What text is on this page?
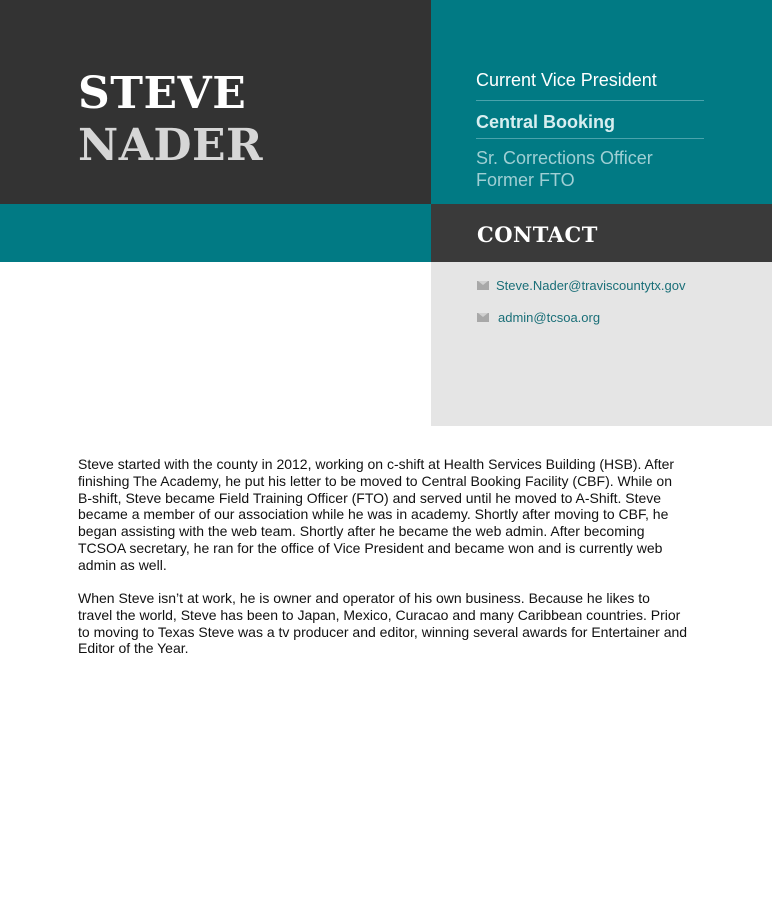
STEVE
NADER

Current Vice President

Central Booking

Sr. Corrections Officer

Former FTO

CONTACT
Steve.Nader@traviscountytx.gov
admin@tcsoa.org

Steve started with the county in 2012, working on c-shift at Health Services Building (HSB). After finishing The Academy, he put his letter to be moved to Central Booking Facility (CBF). While on B-shift, Steve became Field Training Officer (FTO) and served until he moved to A-Shift. Steve became a member of our association while he was in academy. Shortly after moving to CBF, he began assisting with the web team. Shortly after he became the web admin. After becoming TCSOA secretary, he ran for the office of Vice President and became won and is currently web admin as well.

When Steve isn’t at work, he is owner and operator of his own business. Because he likes to travel the world, Steve has been to Japan, Mexico, Curacao and many Caribbean countries. Prior to moving to Texas Steve was a tv producer and editor, winning several awards for Entertainer and Editor of the Year.
